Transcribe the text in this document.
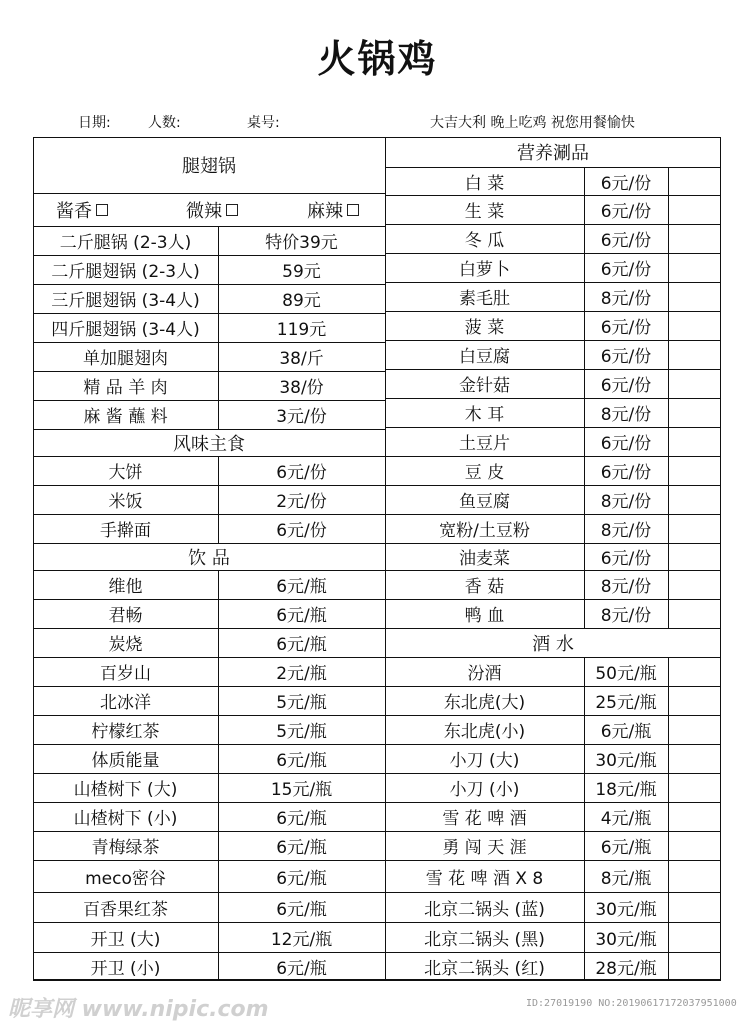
火锅鸡
日期:	人数:	桌号:	大吉大利 晚上吃鸡 祝您用餐愉快
腿翅锅
酱香	微辣	麻辣
二斤腿锅 (2-3人)	特价39元
二斤腿翅锅 (2-3人)	59元
三斤腿翅锅 (3-4人)	89元
四斤腿翅锅 (3-4人)	119元
单加腿翅肉	38/斤
精 品 羊 肉	38/份
麻 酱 蘸 料	3元/份
风味主食
大饼	6元/份
米饭	2元/份
手擀面	6元/份
饮 品
维他	6元/瓶
君畅	6元/瓶
炭烧	6元/瓶
百岁山	2元/瓶
北冰洋	5元/瓶
柠檬红茶	5元/瓶
体质能量	6元/瓶
山楂树下 (大)	15元/瓶
山楂树下 (小)	6元/瓶
青梅绿茶	6元/瓶
meco密谷	6元/瓶
百香果红茶	6元/瓶
开卫 (大)	12元/瓶
开卫 (小)	6元/瓶
营养涮品
白 菜	6元/份
生 菜	6元/份
冬 瓜	6元/份
白萝卜	6元/份
素毛肚	8元/份
菠 菜	6元/份
白豆腐	6元/份
金针菇	6元/份
木 耳	8元/份
土豆片	6元/份
豆 皮	6元/份
鱼豆腐	8元/份
宽粉/土豆粉	8元/份
油麦菜	6元/份
香 菇	8元/份
鸭 血	8元/份
酒 水
汾酒	50元/瓶
东北虎(大)	25元/瓶
东北虎(小)	6元/瓶
小刀 (大)	30元/瓶
小刀 (小)	18元/瓶
雪 花 啤 酒	4元/瓶
勇 闯 天 涯	6元/瓶
雪 花 啤 酒 X 8	8元/瓶
北京二锅头 (蓝)	30元/瓶
北京二锅头 (黑)	30元/瓶
北京二锅头 (红)	28元/瓶
昵享网 www.nipic.com	ID:27019190 NO:20190617172037951000
